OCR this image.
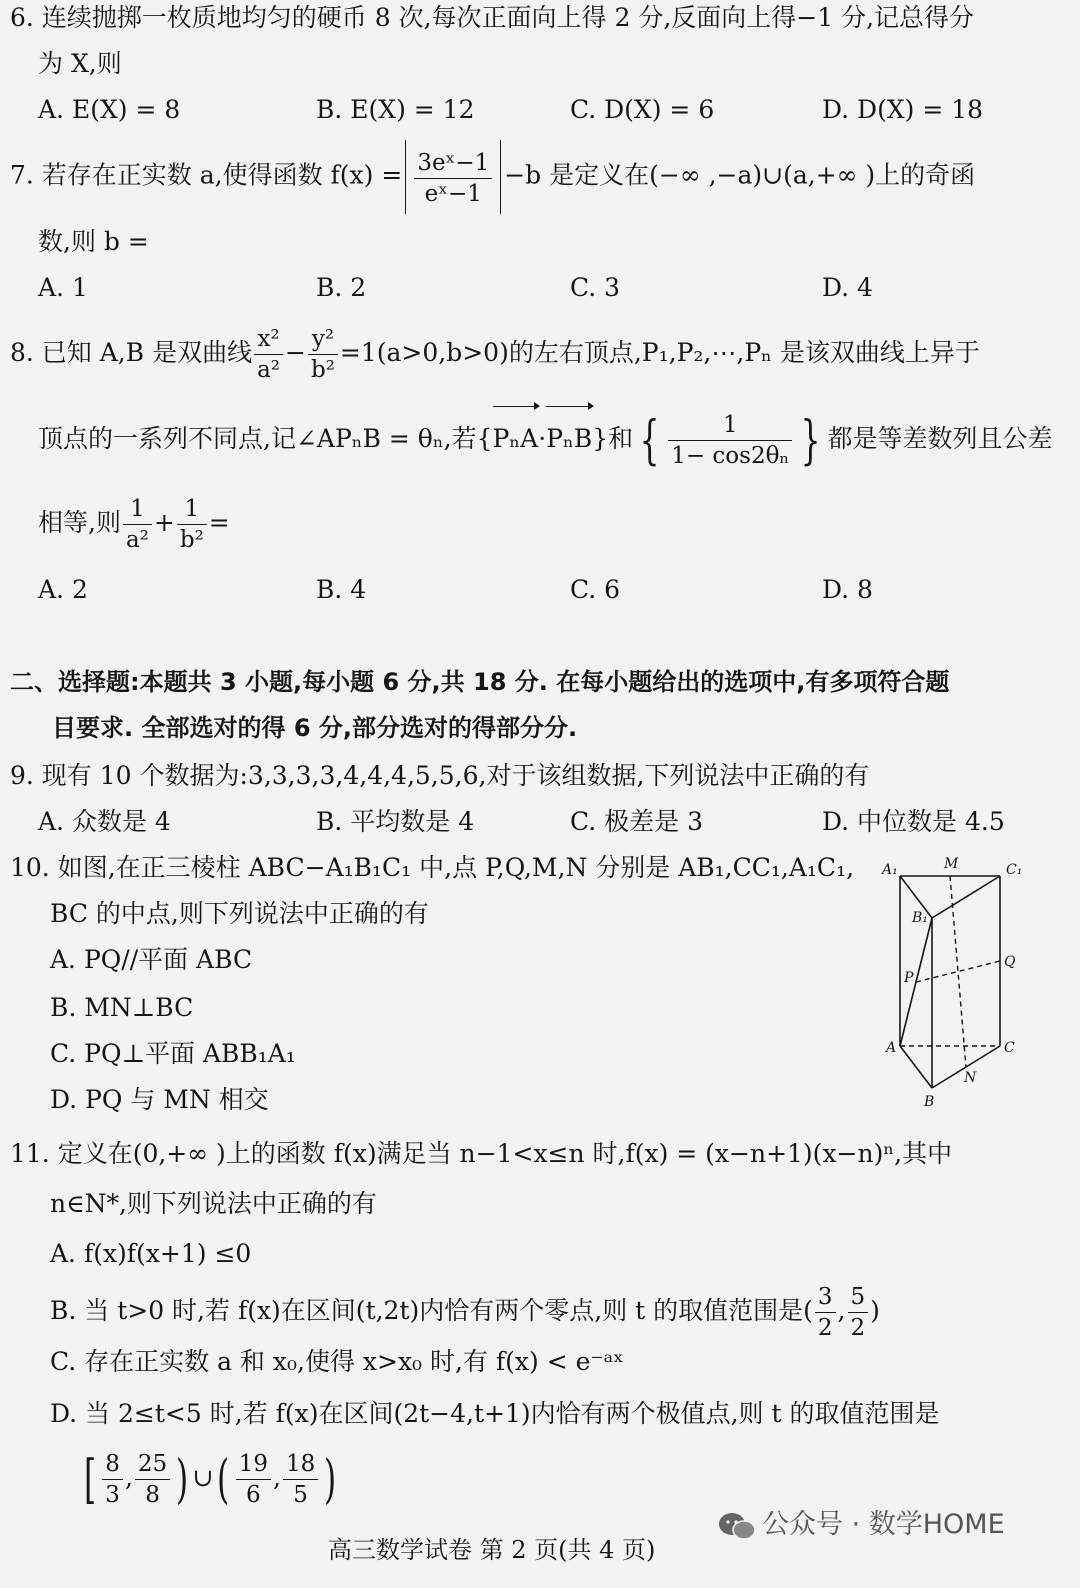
6. 连续抛掷一枚质地均匀的硬币 8 次,每次正面向上得 2 分,反面向上得−1 分,记总得分
为 X,则
A. E(X) = 8	B. E(X) = 12	C. D(X) = 6	D. D(X) = 18
7. 若存在正实数 a,使得函数 $f(x) = \frac{\text{3eˣ−1}}{\text{eˣ−1}} -b$ 是定义在(−∞ ,−a)∪(a,+∞ )上的奇函
数,则 b =
A. 1	B. 2	C. 3	D. 4
8. 已知 A,B 是双曲线 $\frac{\text{x²}}{\text{a²}} - \frac{\text{y²}}{\text{b²}} =1(a>0,b>0)$的左右顶点,P₁,P₂,⋯,Pₙ 是该双曲线上异于
顶点的一系列不同点,记∠APₙB = θₙ,若{PₙA·PₙB}和 { $\frac{1}{\text{1− cos2θₙ}}$ } 都是等差数列且公差
相等,则 $\frac{1}{\text{a²}} + \frac{1}{\text{b²}}$ =
A. 2	B. 4	C. 6	D. 8
二、选择题:本题共 3 小题,每小题 6 分,共 18 分. 在每小题给出的选项中,有多项符合题
目要求. 全部选对的得 6 分,部分选对的得部分分.
9. 现有 10 个数据为:3,3,3,3,4,4,4,5,5,6,对于该组数据,下列说法中正确的有
A. 众数是 4	B. 平均数是 4	C. 极差是 3	D. 中位数是 4.5
10. 如图,在正三棱柱 ABC−A₁B₁C₁ 中,点 P,Q,M,N 分别是 AB₁,CC₁,A₁C₁,
BC 的中点,则下列说法中正确的有
A. PQ//平面 ABC
B. MN⊥BC
C. PQ⊥平面 ABB₁A₁
D. PQ 与 MN 相交
A₁	M	C₁
B₁
Q
P
A	C
N
B
11. 定义在(0,+∞ )上的函数 f(x)满足当 n−1<x≤n 时,f(x) = (x−n+1)(x−n)ⁿ,其中
n∈N*,则下列说法中正确的有
A. f(x)f(x+1) ≤0
B. 当 t>0 时,若 f(x)在区间(t,2t)内恰有两个零点,则 t 的取值范围是( $\frac{3}{2}$ , $\frac{5}{2}$ )
C. 存在正实数 a 和 x₀,使得 x>x₀ 时,有 f(x) < e⁻ᵃˣ
D. 当 2≤t<5 时,若 f(x)在区间(2t−4,t+1)内恰有两个极值点,则 t 的取值范围是
[ $\frac{8}{3}$ , $\frac{25}{8}$ ) ∪( $\frac{19}{6}$ , $\frac{18}{5}$ )
公众号 · 数学HOME
高三数学试卷 第 2 页(共 4 页)
